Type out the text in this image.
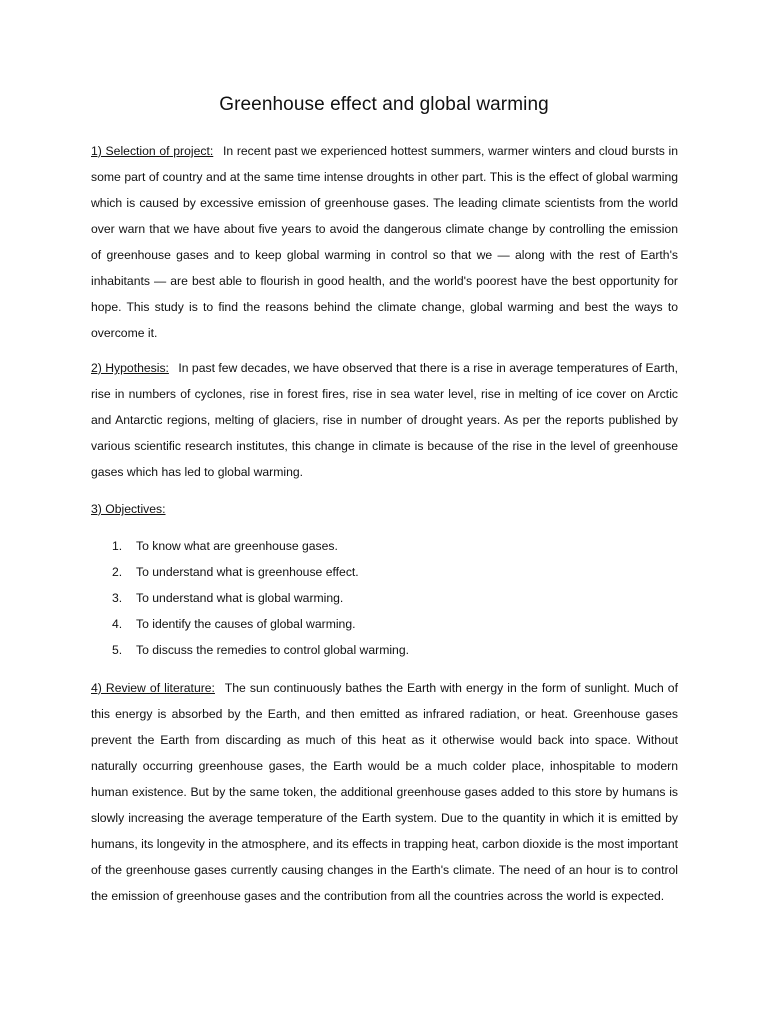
Greenhouse effect and global warming

1) Selection of project: In recent past we experienced hottest summers, warmer winters and cloud bursts in some part of country and at the same time intense droughts in other part. This is the effect of global warming which is caused by excessive emission of greenhouse gases. The leading climate scientists from the world over warn that we have about five years to avoid the dangerous climate change by controlling the emission of greenhouse gases and to keep global warming in control so that we — along with the rest of Earth's inhabitants — are best able to flourish in good health, and the world's poorest have the best opportunity for hope. This study is to find the reasons behind the climate change, global warming and best the ways to overcome it.

2) Hypothesis: In past few decades, we have observed that there is a rise in average temperatures of Earth, rise in numbers of cyclones, rise in forest fires, rise in sea water level, rise in melting of ice cover on Arctic and Antarctic regions, melting of glaciers, rise in number of drought years. As per the reports published by various scientific research institutes, this change in climate is because of the rise in the level of greenhouse gases which has led to global warming.

3) Objectives:

1. To know what are greenhouse gases.
2. To understand what is greenhouse effect.
3. To understand what is global warming.
4. To identify the causes of global warming.
5. To discuss the remedies to control global warming.

4) Review of literature: The sun continuously bathes the Earth with energy in the form of sunlight. Much of this energy is absorbed by the Earth, and then emitted as infrared radiation, or heat. Greenhouse gases prevent the Earth from discarding as much of this heat as it otherwise would back into space. Without naturally occurring greenhouse gases, the Earth would be a much colder place, inhospitable to modern human existence. But by the same token, the additional greenhouse gases added to this store by humans is slowly increasing the average temperature of the Earth system. Due to the quantity in which it is emitted by humans, its longevity in the atmosphere, and its effects in trapping heat, carbon dioxide is the most important of the greenhouse gases currently causing changes in the Earth's climate. The need of an hour is to control the emission of greenhouse gases and the contribution from all the countries across the world is expected.
